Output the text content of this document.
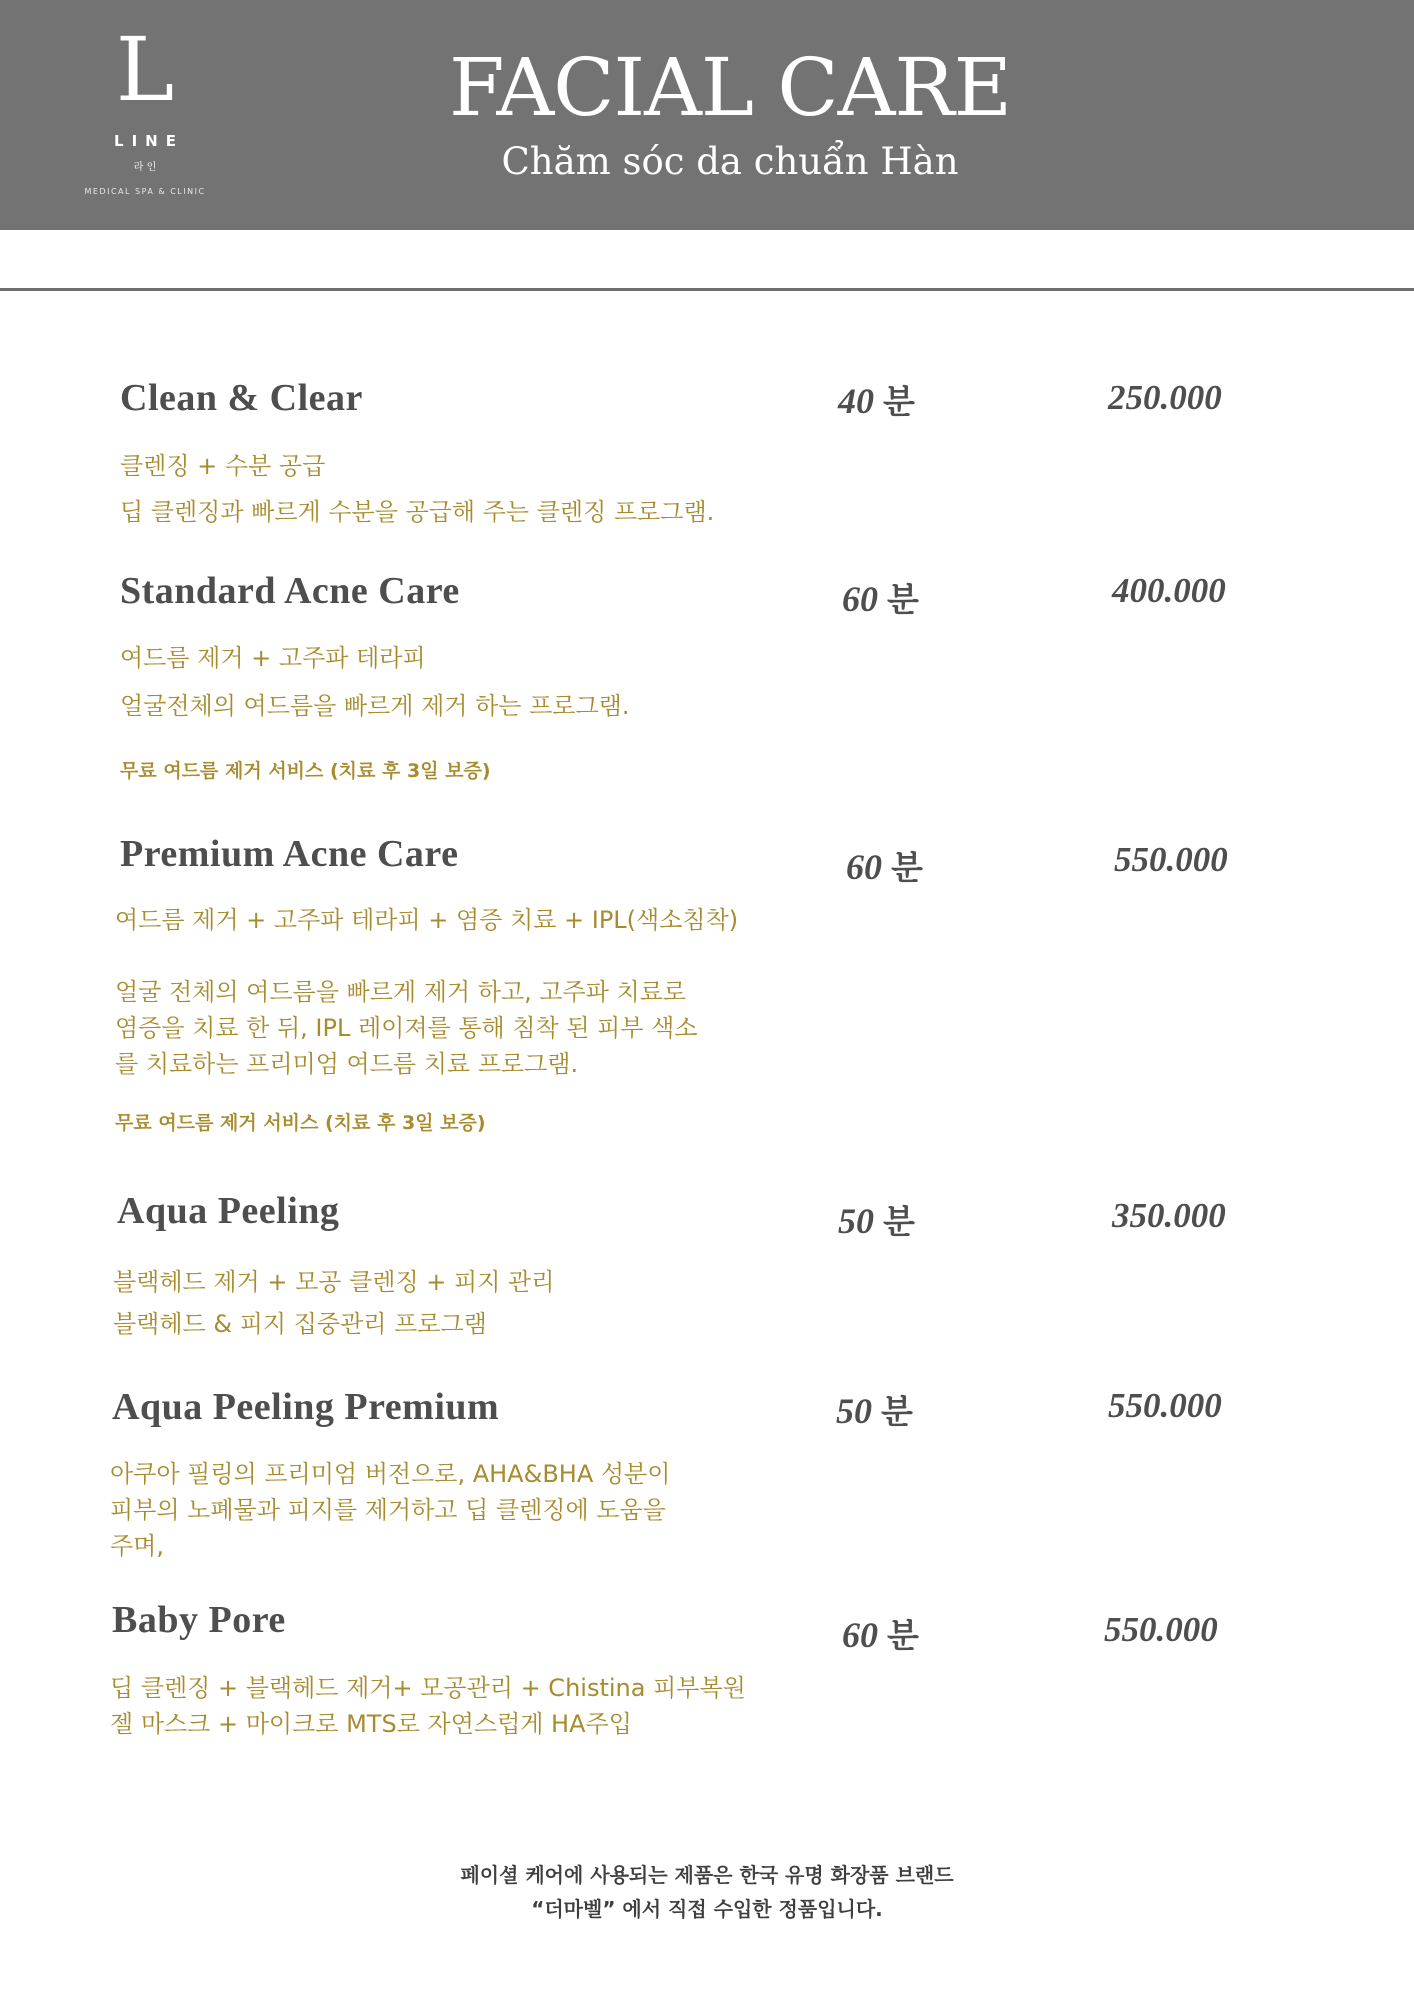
L
LINE
라 인
MEDICAL SPA & CLINIC
FACIAL CARE
Chăm sóc da chuẩn Hàn
Clean & Clear	40 분	250.000
클렌징 + 수분 공급
딥 클렌징과 빠르게 수분을 공급해 주는 클렌징 프로그램.
Standard Acne Care	60 분	400.000
여드름 제거 + 고주파 테라피
얼굴전체의 여드름을 빠르게 제거 하는 프로그램.
무료 여드름 제거 서비스 (치료 후 3일 보증)
Premium Acne Care	60 분	550.000
여드름 제거 + 고주파 테라피 + 염증 치료 + IPL(색소침착)
얼굴 전체의 여드름을 빠르게 제거 하고, 고주파 치료로
염증을 치료 한 뒤, IPL 레이져를 통해 침착 된 피부 색소
를 치료하는 프리미엄 여드름 치료 프로그램.
무료 여드름 제거 서비스 (치료 후 3일 보증)
Aqua Peeling	50 분	350.000
블랙헤드 제거 + 모공 클렌징 + 피지 관리
블랙헤드 & 피지 집중관리 프로그램
Aqua Peeling Premium	50 분	550.000
아쿠아 필링의 프리미엄 버전으로, AHA&BHA 성분이
피부의 노폐물과 피지를 제거하고 딥 클렌징에 도움을
주며,
Baby Pore	60 분	550.000
딥 클렌징 + 블랙헤드 제거+ 모공관리 + Chistina 피부복원
젤 마스크 + 마이크로 MTS로 자연스럽게 HA주입
페이셜 케어에 사용되는 제품은 한국 유명 화장품 브랜드
“더마벨” 에서 직접 수입한 정품입니다.
